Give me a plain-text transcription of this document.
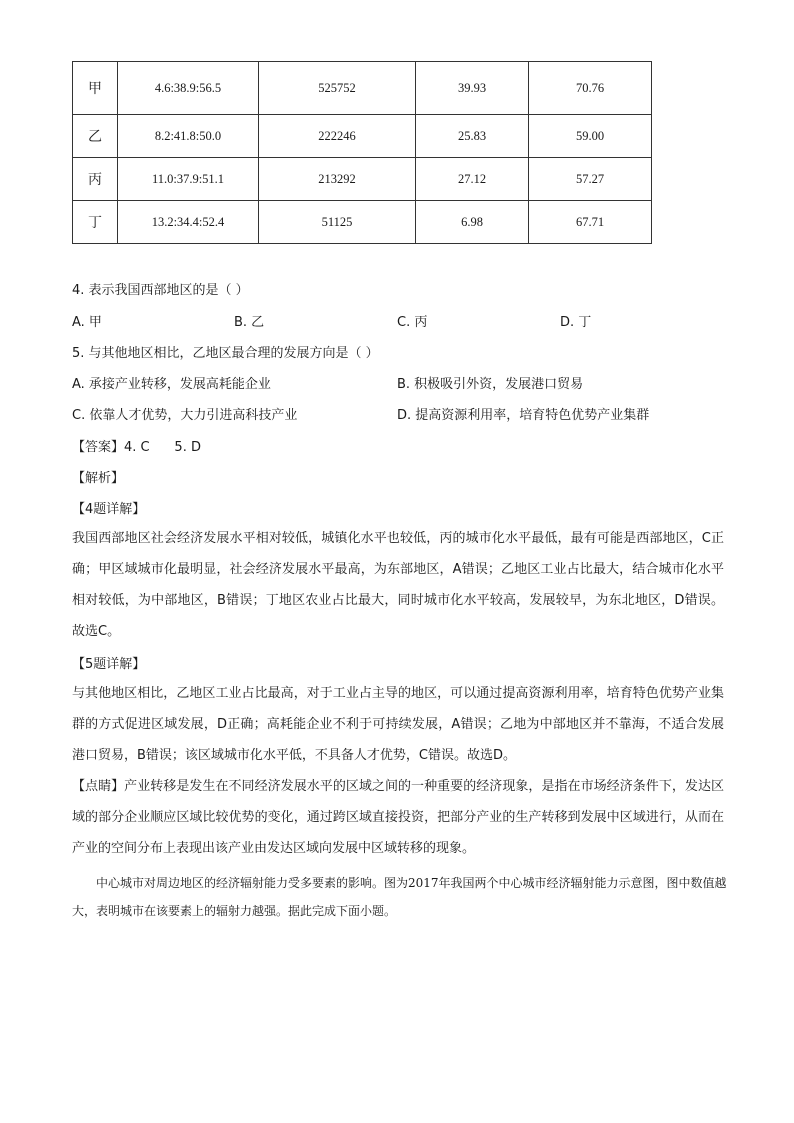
甲	4.6:38.9:56.5	525752	39.93	70.76
乙	8.2:41.8:50.0	222246	25.83	59.00
丙	11.0:37.9:51.1	213292	27.12	57.27
丁	13.2:34.4:52.4	51125	6.98	67.71
4. 表示我国西部地区的是（ ）
A. 甲	B. 乙	C. 丙	D. 丁
5. 与其他地区相比，乙地区最合理的发展方向是（ ）
A. 承接产业转移，发展高耗能企业	B. 积极吸引外资，发展港口贸易
C. 依靠人才优势，大力引进高科技产业	D. 提高资源利用率，培育特色优势产业集群
【答案】4. C      5. D
【解析】
【4题详解】

我国西部地区社会经济发展水平相对较低，城镇化水平也较低，丙的城市化水平最低，最有可能是西部地区，C正确；甲区域城市化最明显，社会经济发展水平最高，为东部地区，A错误；乙地区工业占比最大，结合城市化水平相对较低，为中部地区，B错误；丁地区农业占比最大，同时城市化水平较高，发展较早，为东北地区，D错误。故选C。

【5题详解】

与其他地区相比，乙地区工业占比最高，对于工业占主导的地区，可以通过提高资源利用率，培育特色优势产业集群的方式促进区域发展，D正确；高耗能企业不利于可持续发展，A错误；乙地为中部地区并不靠海，不适合发展港口贸易，B错误；该区域城市化水平低，不具备人才优势，C错误。故选D。

【点睛】产业转移是发生在不同经济发展水平的区域之间的一种重要的经济现象，是指在市场经济条件下，发达区域的部分企业顺应区域比较优势的变化，通过跨区域直接投资，把部分产业的生产转移到发展中区域进行，从而在产业的空间分布上表现出该产业由发达区域向发展中区域转移的现象。

中心城市对周边地区的经济辐射能力受多要素的影响。图为2017年我国两个中心城市经济辐射能力示意图，图中数值越大，表明城市在该要素上的辐射力越强。据此完成下面小题。
